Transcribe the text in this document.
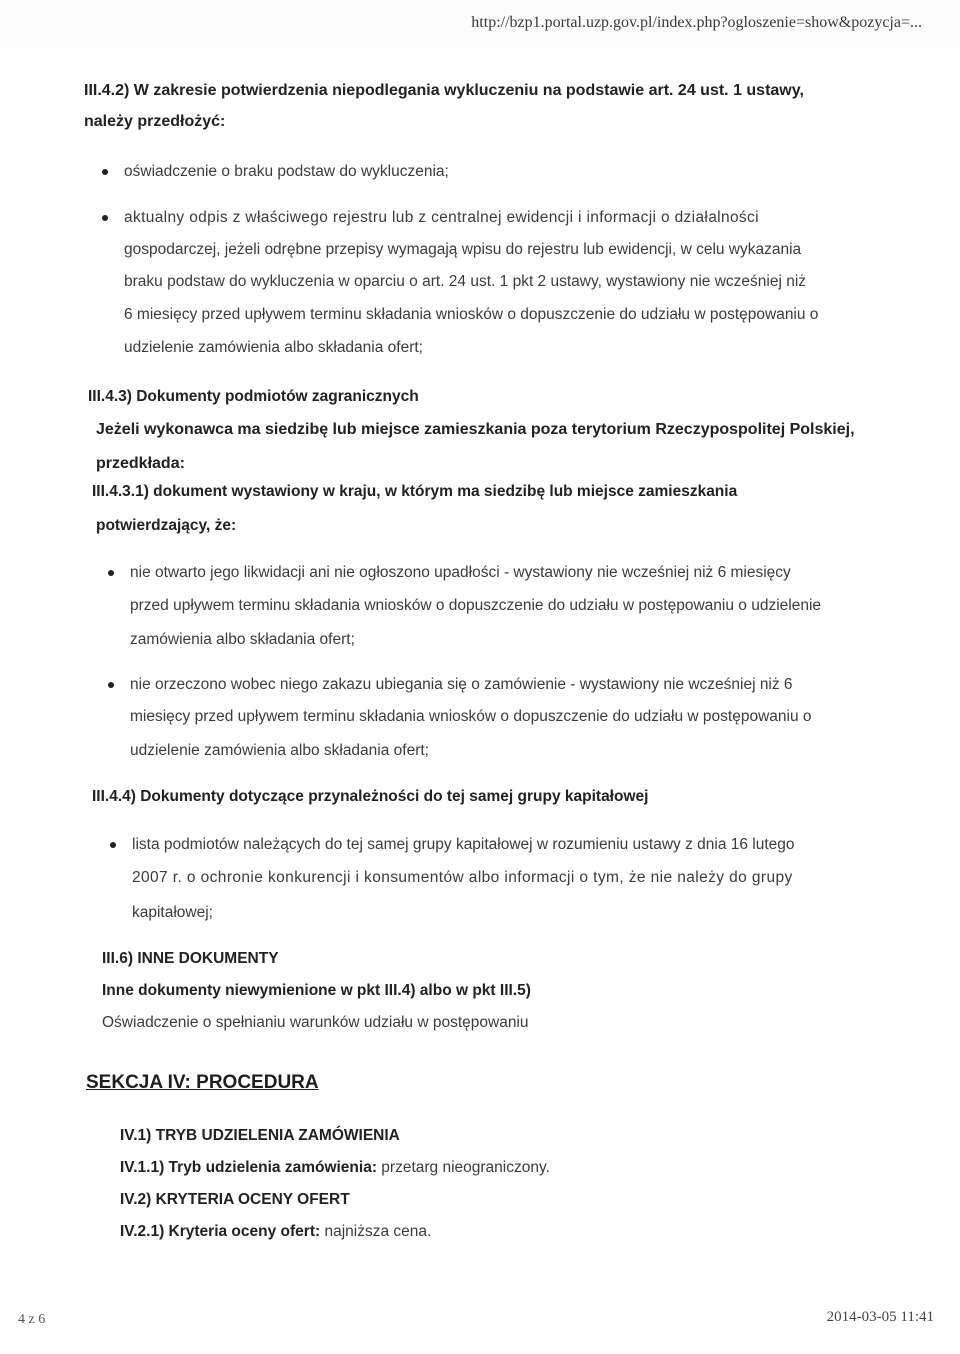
http://bzp1.portal.uzp.gov.pl/index.php?ogloszenie=show&pozycja=...
III.4.2) W zakresie potwierdzenia niepodlegania wykluczeniu na podstawie art. 24 ust. 1 ustawy,
należy przedłożyć:
oświadczenie o braku podstaw do wykluczenia;
aktualny odpis z właściwego rejestru lub z centralnej ewidencji i informacji o działalności
gospodarczej, jeżeli odrębne przepisy wymagają wpisu do rejestru lub ewidencji, w celu wykazania
braku podstaw do wykluczenia w oparciu o art. 24 ust. 1 pkt 2 ustawy, wystawiony nie wcześniej niż
6 miesięcy przed upływem terminu składania wniosków o dopuszczenie do udziału w postępowaniu o
udzielenie zamówienia albo składania ofert;
III.4.3) Dokumenty podmiotów zagranicznych
Jeżeli wykonawca ma siedzibę lub miejsce zamieszkania poza terytorium Rzeczypospolitej Polskiej,
przedkłada:
III.4.3.1) dokument wystawiony w kraju, w którym ma siedzibę lub miejsce zamieszkania
potwierdzający, że:
nie otwarto jego likwidacji ani nie ogłoszono upadłości - wystawiony nie wcześniej niż 6 miesięcy
przed upływem terminu składania wniosków o dopuszczenie do udziału w postępowaniu o udzielenie
zamówienia albo składania ofert;
nie orzeczono wobec niego zakazu ubiegania się o zamówienie - wystawiony nie wcześniej niż 6
miesięcy przed upływem terminu składania wniosków o dopuszczenie do udziału w postępowaniu o
udzielenie zamówienia albo składania ofert;
III.4.4) Dokumenty dotyczące przynależności do tej samej grupy kapitałowej
lista podmiotów należących do tej samej grupy kapitałowej w rozumieniu ustawy z dnia 16 lutego
2007 r. o ochronie konkurencji i konsumentów albo informacji o tym, że nie należy do grupy
kapitałowej;
III.6) INNE DOKUMENTY
Inne dokumenty niewymienione w pkt III.4) albo w pkt III.5)
Oświadczenie o spełnianiu warunków udziału w postępowaniu
SEKCJA IV: PROCEDURA
IV.1) TRYB UDZIELENIA ZAMÓWIENIA
IV.1.1) Tryb udzielenia zamówienia: przetarg nieograniczony.
IV.2) KRYTERIA OCENY OFERT
IV.2.1) Kryteria oceny ofert: najniższa cena.
4 z 6	2014-03-05 11:41
